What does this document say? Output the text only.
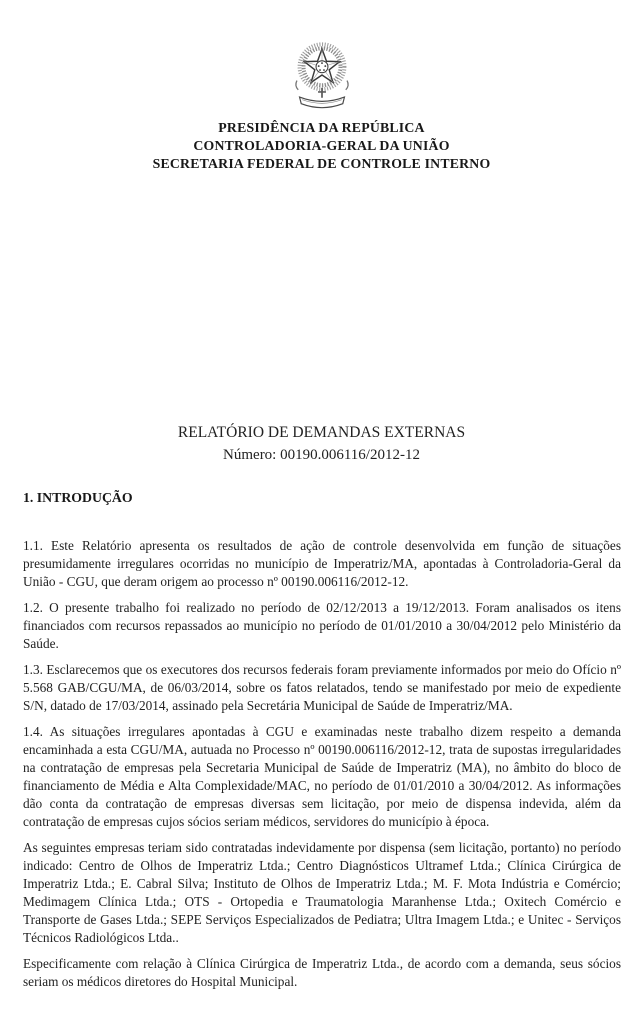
PRESIDÊNCIA DA REPÚBLICA
CONTROLADORIA-GERAL DA UNIÃO
SECRETARIA FEDERAL DE CONTROLE INTERNO
RELATÓRIO DE DEMANDAS EXTERNAS
Número: 00190.006116/2012-12
1. INTRODUÇÃO

1.1. Este Relatório apresenta os resultados de ação de controle desenvolvida em função de situações presumidamente irregulares ocorridas no município de Imperatriz/MA, apontadas à Controladoria-Geral da União - CGU, que deram origem ao processo nº 00190.006116/2012-12.

1.2. O presente trabalho foi realizado no período de 02/12/2013 a 19/12/2013. Foram analisados os itens financiados com recursos repassados ao município no período de 01/01/2010 a 30/04/2012 pelo Ministério da Saúde.

1.3. Esclarecemos que os executores dos recursos federais foram previamente informados por meio do Ofício nº 5.568 GAB/CGU/MA, de 06/03/2014, sobre os fatos relatados, tendo se manifestado por meio de expediente S/N, datado de 17/03/2014, assinado pela Secretária Municipal de Saúde de Imperatriz/MA.

1.4. As situações irregulares apontadas à CGU e examinadas neste trabalho dizem respeito a demanda encaminhada a esta CGU/MA, autuada no Processo nº 00190.006116/2012-12, trata de supostas irregularidades na contratação de empresas pela Secretaria Municipal de Saúde de Imperatriz (MA), no âmbito do bloco de financiamento de Média e Alta Complexidade/MAC, no período de 01/01/2010 a 30/04/2012. As informações dão conta da contratação de empresas diversas sem licitação, por meio de dispensa indevida, além da contratação de empresas cujos sócios seriam médicos, servidores do município à época.

As seguintes empresas teriam sido contratadas indevidamente por dispensa (sem licitação, portanto) no período indicado: Centro de Olhos de Imperatriz Ltda.; Centro Diagnósticos Ultramef Ltda.; Clínica Cirúrgica de Imperatriz Ltda.; E. Cabral Silva; Instituto de Olhos de Imperatriz Ltda.; M. F. Mota Indústria e Comércio; Medimagem Clínica Ltda.; OTS - Ortopedia e Traumatologia Maranhense Ltda.; Oxitech Comércio e Transporte de Gases Ltda.; SEPE Serviços Especializados de Pediatra; Ultra Imagem Ltda.; e Unitec - Serviços Técnicos Radiológicos Ltda..

Especificamente com relação à Clínica Cirúrgica de Imperatriz Ltda., de acordo com a demanda, seus sócios seriam os médicos diretores do Hospital Municipal.
